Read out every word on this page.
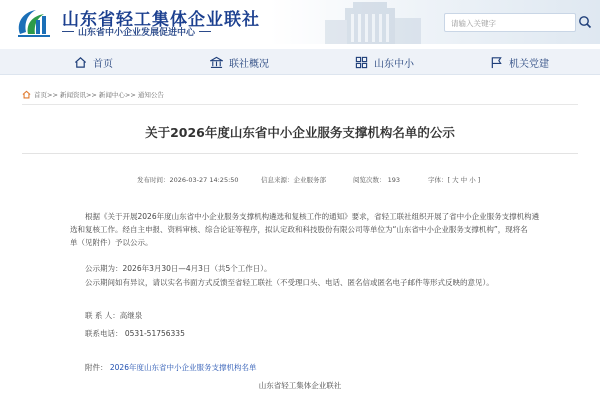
山东省轻工集体企业联社
山东省中小企业发展促进中心
请输入关键字
首页	联社概况	山东中小	机关党建
首页>> 新闻资讯>> 新闻中心>> 通知公告
关于2026年度山东省中小企业服务支撑机构名单的公示
发布时间：2026-03-27 14:25:50	信息来源：企业服务部	阅览次数： 193	字体：[ 大 中 小 ]
根据《关于开展2026年度山东省中小企业服务支撑机构遴选和复核工作的通知》要求，省轻工联社组织开展了省中小企业服务支撑机构遴
选和复核工作。经自主申报、资料审核、综合论证等程序，拟认定政和科技股份有限公司等单位为“山东省中小企业服务支撑机构”，现将名
单（见附件）予以公示。
公示期为：2026年3月30日—4月3日（共5个工作日）。
公示期间如有异议，请以实名书面方式反馈至省轻工联社（不受理口头、电话、匿名信或匿名电子邮件等形式反映的意见）。
联 系 人：高继泉
联系电话： 0531-51756335
附件： 2026年度山东省中小企业服务支撑机构名单
山东省轻工集体企业联社
